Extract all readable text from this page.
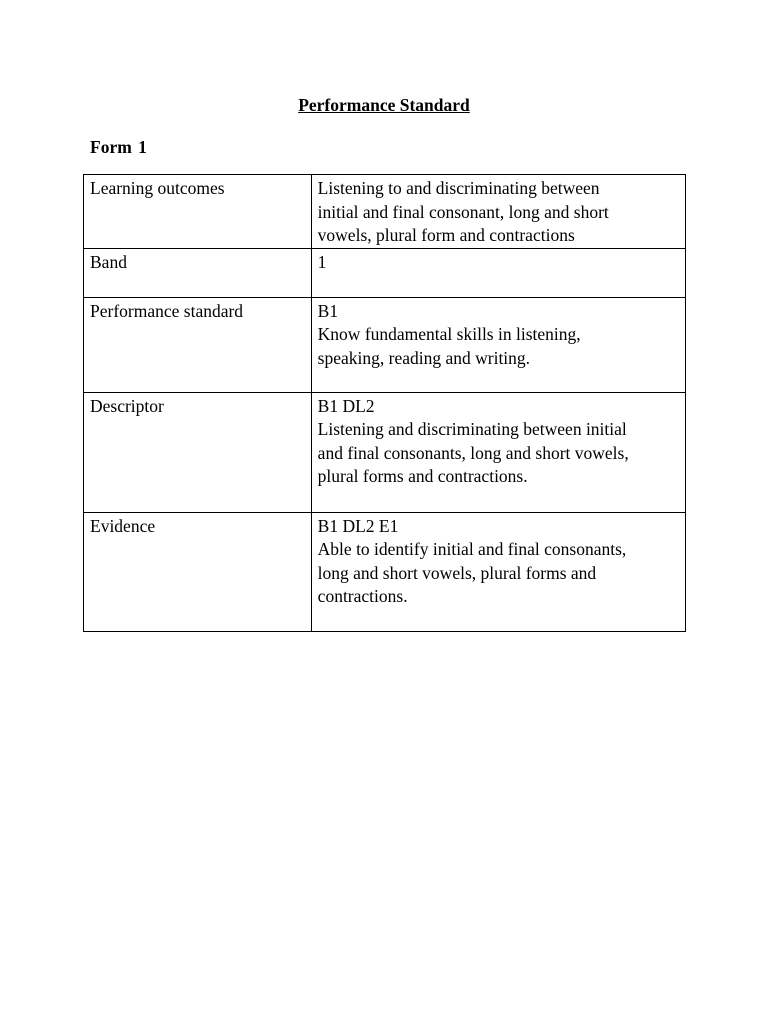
Performance Standard
Form 1
Learning outcomes	Listening to and discriminating between
initial and final consonant, long and short
vowels, plural form and contractions

Band	1

Performance standard	B1
Know fundamental skills in listening,
speaking, reading and writing.

Descriptor	B1 DL2
Listening and discriminating between initial
and final consonants, long and short vowels,
plural forms and contractions.

Evidence	B1 DL2 E1
Able to identify initial and final consonants,
long and short vowels, plural forms and
contractions.
